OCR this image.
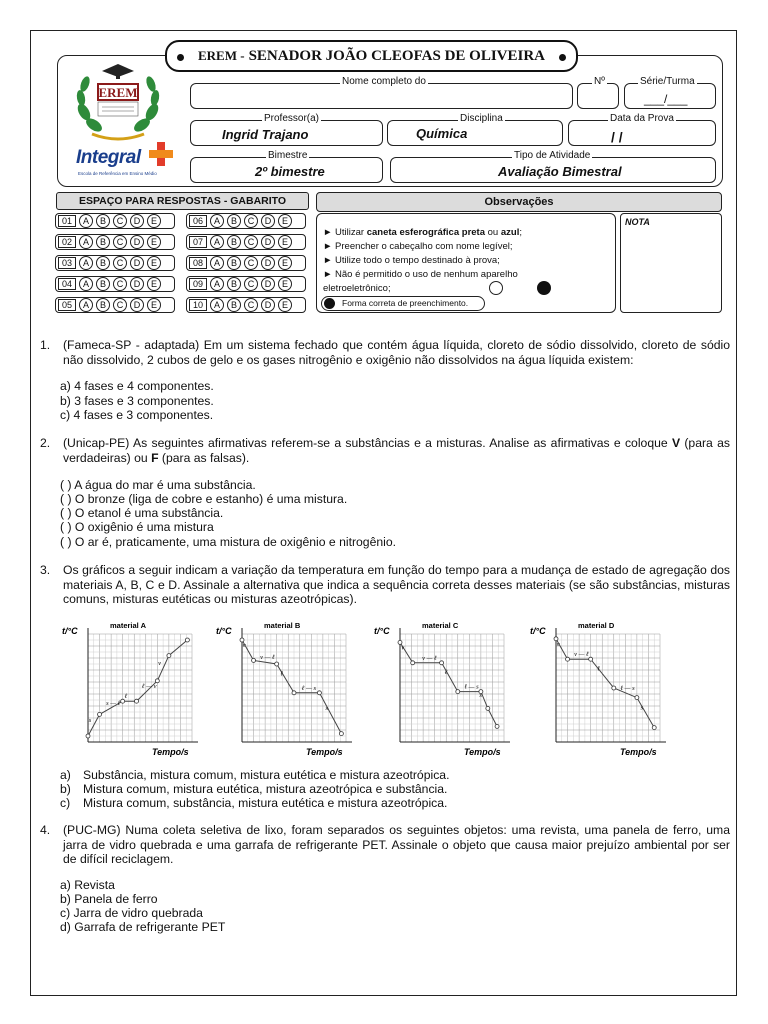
EREM - SENADOR JOÃO CLEOFAS DE OLIVEIRA
EREM
Integral
Escola de Referência em Ensino Médio
Nome completo do	Nº	Série/Turma
___/___
Professor(a)
Ingrid Trajano
Disciplina
Química
Data da Prova
/ /
Bimestre
2º bimestre
Tipo de Atividade
Avaliação Bimestral
ESPAÇO PARA RESPOSTAS - GABARITO
01	A	B	C	D	E
02	A	B	C	D	E
03	A	B	C	D	E
04	A	B	C	D	E
05	A	B	C	D	E
06	A	B	C	D	E
07	A	B	C	D	E
08	A	B	C	D	E
09	A	B	C	D	E
10	A	B	C	D	E
Observações
► Utilizar caneta esferográfica preta ou azul;
► Preencher o cabeçalho com nome legível;
► Utilize todo o tempo destinado à prova;
► Não é permitido o uso de nenhum aparelho
eletroeletrônico;
Forma correta de preenchimento.
NOTA
1. (Fameca-SP - adaptada) Em um sistema fechado que contém água líquida, cloreto de sódio dissolvido, cloreto de sódio não dissolvido, 2 cubos de gelo e os gases nitrogênio e oxigênio não dissolvidos na água líquida existem:
a) 4 fases e 4 componentes.
b) 3 fases e 3 componentes.
c) 4 fases e 3 componentes.
2. (Unicap-PE) As seguintes afirmativas referem-se a substâncias e a misturas. Analise as afirmativas e coloque V (para as verdadeiras) ou F (para as falsas).
( ) A água do mar é uma substância.
( ) O bronze (liga de cobre e estanho) é uma mistura.
( ) O etanol é uma substância.
( ) O oxigênio é uma mistura
( ) O ar é, praticamente, uma mistura de oxigênio e nitrogênio.
3. Os gráficos a seguir indicam a variação da temperatura em função do tempo para a mudança de estado de agregação dos materiais A, B, C e D. Assinale a alternativa que indica a sequência correta desses materiais (se são substâncias, misturas comuns, misturas eutéticas ou misturas azeotrópicas).
material A
t/°C
Tempo/s
s
s — ℓ
ℓ
ℓ — v
v
material B
t/°C
Tempo/s
v
v — ℓ
ℓ
ℓ — s
s
material C
t/°C
Tempo/s
v
v — ℓ
ℓ
ℓ — s
s
material D
t/°C
Tempo/s
v
v — ℓ
ℓ
ℓ — s
s
a) Substância, mistura comum, mistura eutética e mistura azeotrópica.
b) Mistura comum, mistura eutética, mistura azeotrópica e substância.
c) Mistura comum, substância, mistura eutética e mistura azeotrópica.
4. (PUC-MG) Numa coleta seletiva de lixo, foram separados os seguintes objetos: uma revista, uma panela de ferro, uma jarra de vidro quebrada e uma garrafa de refrigerante PET. Assinale o objeto que causa maior prejuízo ambiental por ser de difícil reciclagem.
a) Revista
b) Panela de ferro
c) Jarra de vidro quebrada
d) Garrafa de refrigerante PET
